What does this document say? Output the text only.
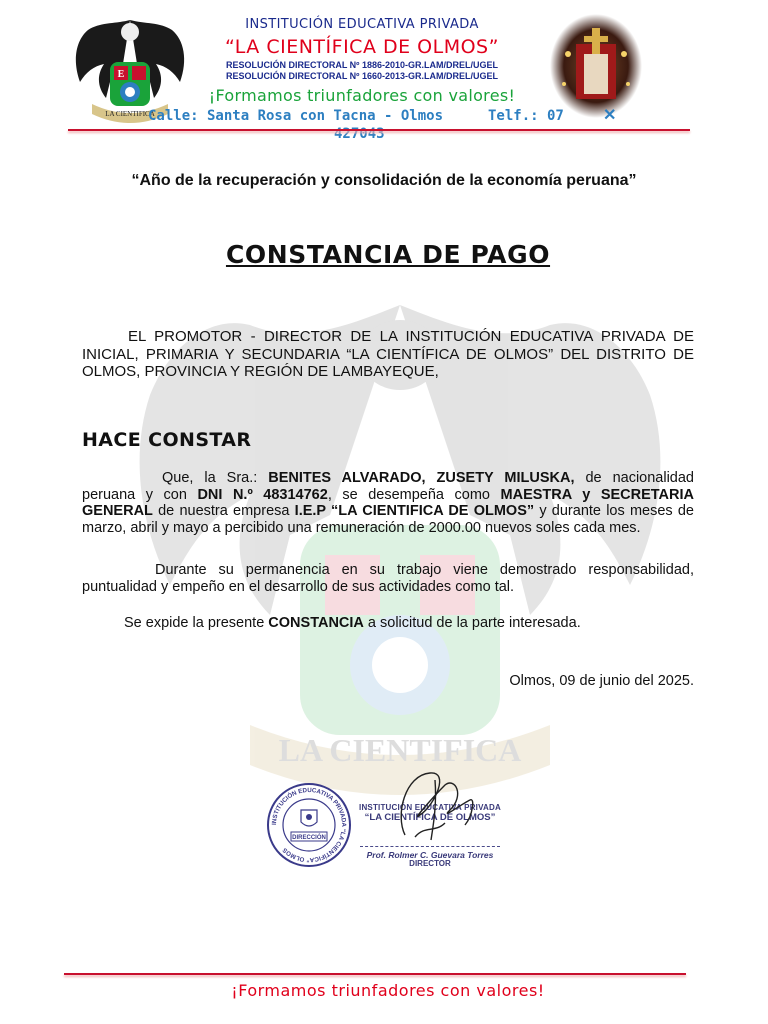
LA CIENTIFICA
E
LA CIENTIFICA
INSTITUCIÓN EDUCATIVA PRIVADA
“LA CIENTÍFICA DE OLMOS”
RESOLUCIÓN DIRECTORAL Nº 1886-2010-GR.LAM/DREL/UGEL
RESOLUCIÓN DIRECTORAL Nº 1660-2013-GR.LAM/DREL/UGEL
¡Formamos triunfadores con valores!
Calle: Santa Rosa con Tacna - Olmos
427043
Telf.: 07	✕
“Año de la recuperación y consolidación de la economía peruana”
CONSTANCIA DE PAGO
EL PROMOTOR - DIRECTOR DE LA INSTITUCIÓN EDUCATIVA PRIVADA DE INICIAL, PRIMARIA Y SECUNDARIA “LA CIENTÍFICA DE OLMOS” DEL DISTRITO DE OLMOS, PROVINCIA Y REGIÓN DE LAMBAYEQUE,
HACE CONSTAR
Que, la Sra.: BENITES ALVARADO, ZUSETY MILUSKA, de nacionalidad peruana y con DNI N.º 48314762, se desempeña como MAESTRA y SECRETARIA GENERAL de nuestra empresa I.E.P “LA CIENTIFICA DE OLMOS” y durante los meses de marzo, abril y mayo a percibido una remuneración de 2000.00 nuevos soles cada mes.
Durante su permanencia en su trabajo viene demostrado responsabilidad, puntualidad y empeño en el desarrollo de sus actividades como tal.
Se expide la presente CONSTANCIA a solicitud de la parte interesada.
Olmos, 09 de junio del 2025.
INSTITUCIÓN EDUCATIVA PRIVADA “LA CIENTÍFICA” OLMOS
DIRECCIÓN
INSTITUCIÓN EDUCATIVA PRIVADA
“LA CIENTÍFICA DE OLMOS”
Prof. Rolmer C. Guevara Torres
DIRECTOR
¡Formamos triunfadores con valores!
